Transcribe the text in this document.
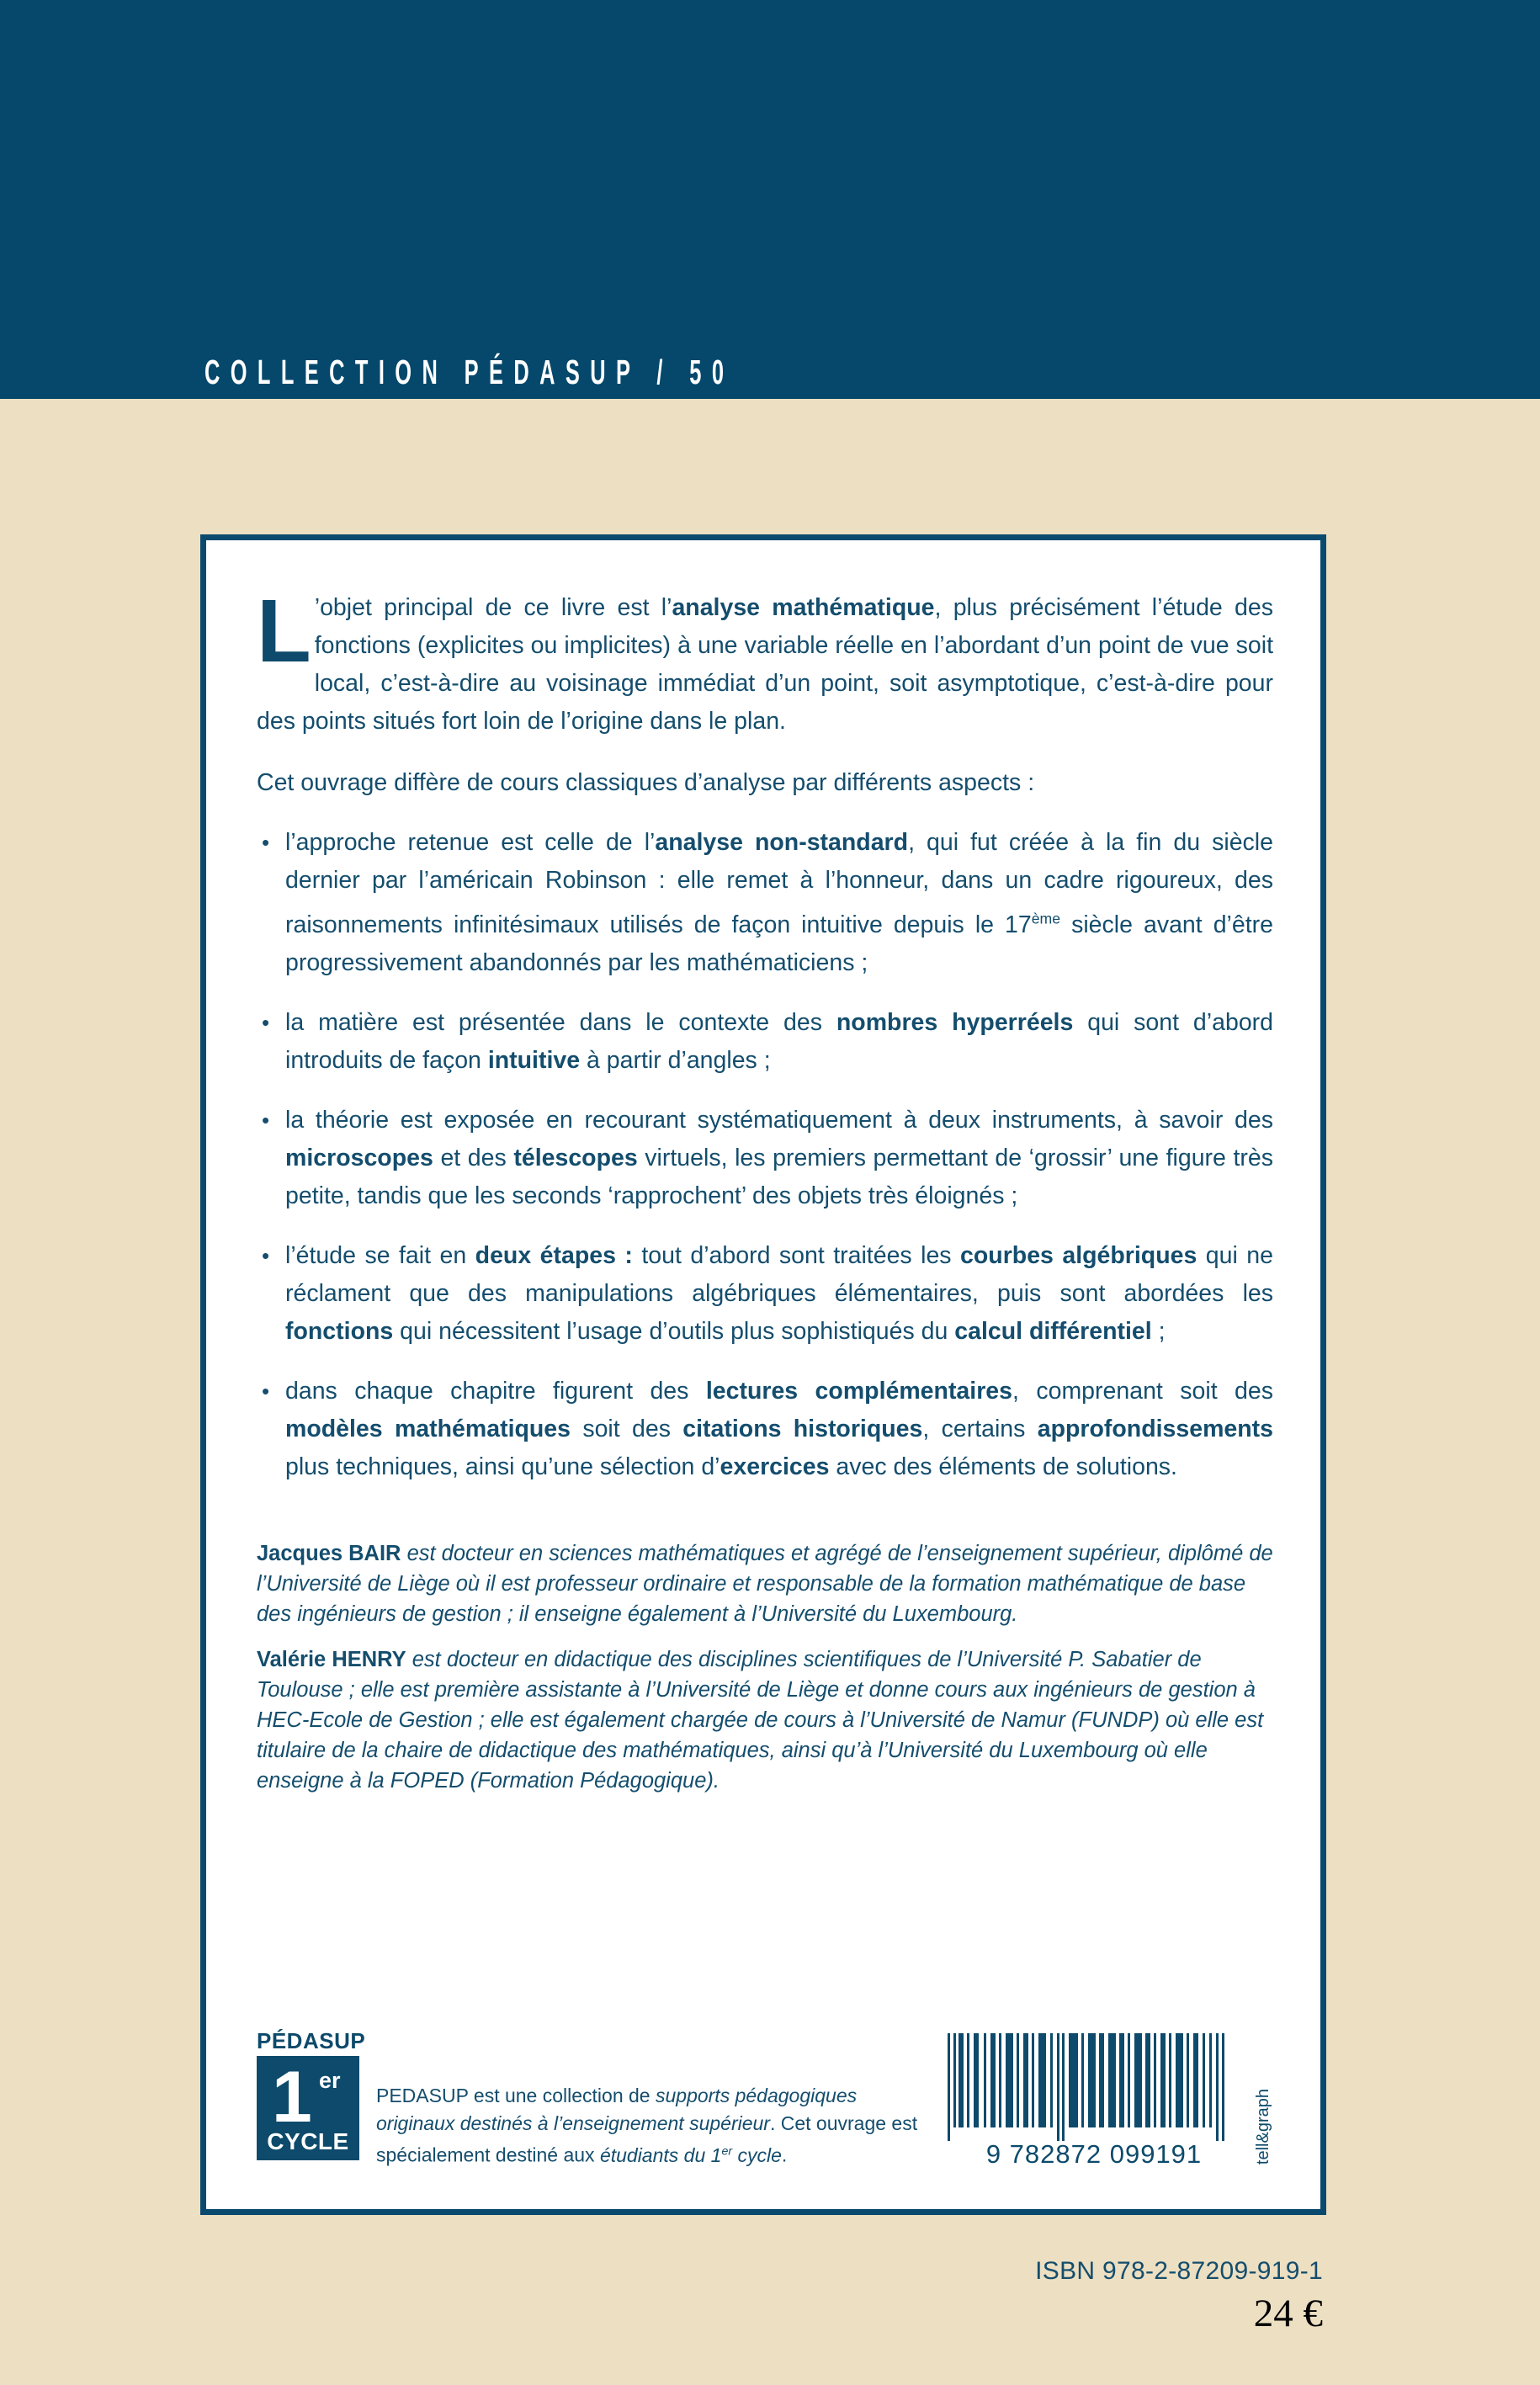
COLLECTION PÉDASUP / 50
L ’objet principal de ce livre est l’analyse mathématique, plus précisément l’étude des fonctions (explicites ou implicites) à une variable réelle en l’abordant d’un point de vue soit local, c’est-à-dire au voisinage immédiat d’un point, soit asymptotique, c’est-à-dire pour des points situés fort loin de l’origine dans le plan.
Cet ouvrage diffère de cours classiques d’analyse par différents aspects :
• l’approche retenue est celle de l’analyse non-standard, qui fut créée à la fin du siècle dernier par l’américain Robinson : elle remet à l’honneur, dans un cadre rigoureux, des raisonnements infinitésimaux utilisés de façon intuitive depuis le 17ème siècle avant d’être progressivement abandonnés par les mathématiciens ;
• la matière est présentée dans le contexte des nombres hyperréels qui sont d’abord introduits de façon intuitive à partir d’angles ;
• la théorie est exposée en recourant systématiquement à deux instruments, à savoir des microscopes et des télescopes virtuels, les premiers permettant de ‘grossir’ une figure très petite, tandis que les seconds ‘rapprochent’ des objets très éloignés ;
• l’étude se fait en deux étapes : tout d’abord sont traitées les courbes algébriques qui ne réclament que des manipulations algébriques élémentaires, puis sont abordées les fonctions qui nécessitent l’usage d’outils plus sophistiqués du calcul différentiel ;
• dans chaque chapitre figurent des lectures complémentaires, comprenant soit des modèles mathématiques soit des citations historiques, certains approfondissements plus techniques, ainsi qu’une sélection d’exercices avec des éléments de solutions.

Jacques BAIR est docteur en sciences mathématiques et agrégé de l’enseignement supérieur, diplômé de l’Université de Liège où il est professeur ordinaire et responsable de la formation mathématique de base des ingénieurs de gestion ; il enseigne également à l’Université du Luxembourg.

Valérie HENRY est docteur en didactique des disciplines scientifiques de l’Université P. Sabatier de Toulouse ; elle est première assistante à l’Université de Liège et donne cours aux ingénieurs de gestion à HEC-Ecole de Gestion ; elle est également chargée de cours à l’Université de Namur (FUNDP) où elle est titulaire de la chaire de didactique des mathématiques, ainsi qu’à l’Université du Luxembourg où elle enseigne à la FOPED (Formation Pédagogique).

PÉDASUP
1 er
CYCLE
PEDASUP est une collection de supports pédagogiques originaux destinés à l’enseignement supérieur. Cet ouvrage est spécialement destiné aux étudiants du 1er cycle.	9 782872 099191	tell&graph
ISBN 978-2-87209-919-1
24 €
